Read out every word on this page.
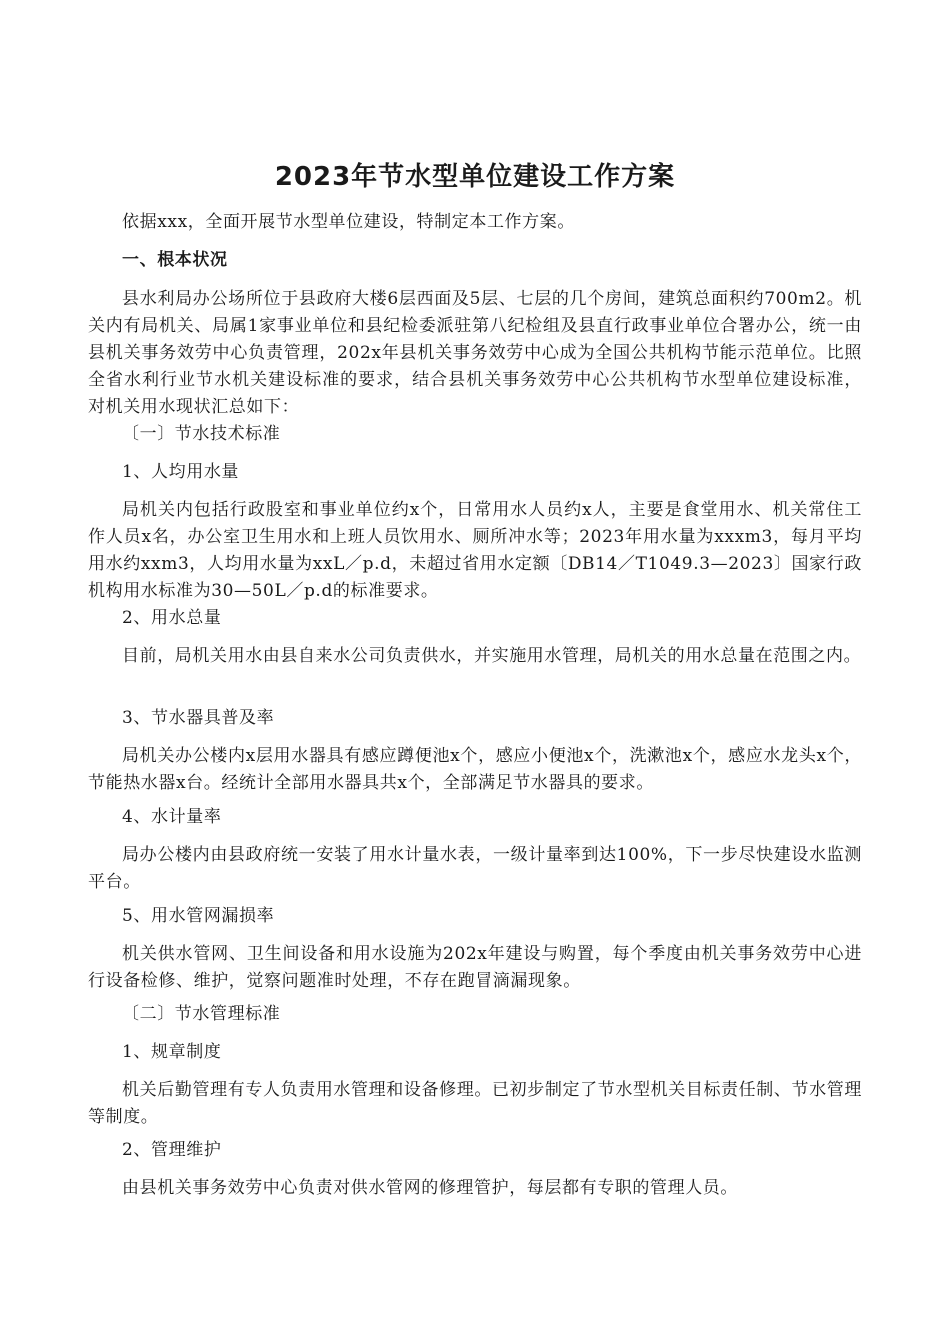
2023年节水型单位建设工作方案
依据xxx，全面开展节水型单位建设，特制定本工作方案。
一、根本状况
县水利局办公场所位于县政府大楼6层西面及5层、七层的几个房间，建筑总面积约700m2。机关内有局机关、局属1家事业单位和县纪检委派驻第八纪检组及县直行政事业单位合署办公，统一由县机关事务效劳中心负责管理，202x年县机关事务效劳中心成为全国公共机构节能示范单位。比照全省水利行业节水机关建设标准的要求，结合县机关事务效劳中心公共机构节水型单位建设标准，对机关用水现状汇总如下：
〔一〕节水技术标准
1、人均用水量
局机关内包括行政股室和事业单位约x个，日常用水人员约x人，主要是食堂用水、机关常住工作人员x名，办公室卫生用水和上班人员饮用水、厕所冲水等；2023年用水量为xxxm3，每月平均用水约xxm3，人均用水量为xxL／p.d，未超过省用水定额〔DB14／T1049.3—2023〕国家行政机构用水标准为30—50L／p.d的标准要求。
2、用水总量
目前，局机关用水由县自来水公司负责供水，并实施用水管理，局机关的用水总量在范围之内。
3、节水器具普及率
局机关办公楼内x层用水器具有感应蹲便池x个，感应小便池x个，洗漱池x个，感应水龙头x个，节能热水器x台。经统计全部用水器具共x个，全部满足节水器具的要求。
4、水计量率
局办公楼内由县政府统一安装了用水计量水表，一级计量率到达100%，下一步尽快建设水监测平台。
5、用水管网漏损率
机关供水管网、卫生间设备和用水设施为202x年建设与购置，每个季度由机关事务效劳中心进行设备检修、维护，觉察问题准时处理，不存在跑冒滴漏现象。
〔二〕节水管理标准
1、规章制度
机关后勤管理有专人负责用水管理和设备修理。已初步制定了节水型机关目标责任制、节水管理等制度。
2、管理维护
由县机关事务效劳中心负责对供水管网的修理管护，每层都有专职的管理人员。
